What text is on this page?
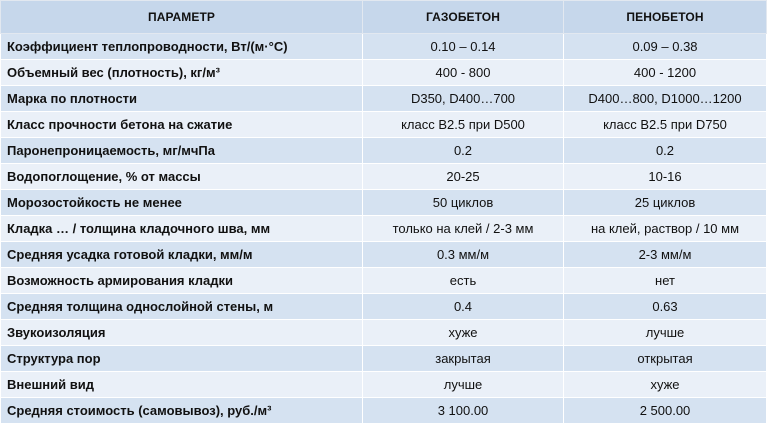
ПАРАМЕТР	ГАЗОБЕТОН	ПЕНОБЕТОН
Коэффициент теплопроводности, Вт/(м·°С)	0.10 – 0.14	0.09 – 0.38
Объемный вес (плотность), кг/м³	400 - 800	400 - 1200
Марка по плотности	D350, D400…700	D400…800, D1000…1200
Класс прочности бетона на сжатие	класс В2.5 при D500	класс В2.5 при D750
Паронепроницаемость, мг/мчПа	0.2	0.2
Водопоглощение, % от массы	20-25	10-16
Морозостойкость не менее	50 циклов	25 циклов
Кладка … / толщина кладочного шва, мм	только на клей / 2-3 мм	на клей, раствор / 10 мм
Средняя усадка готовой кладки, мм/м	0.3 мм/м	2-3 мм/м
Возможность армирования кладки	есть	нет
Средняя толщина однослойной стены, м	0.4	0.63
Звукоизоляция	хуже	лучше
Структура пор	закрытая	открытая
Внешний вид	лучше	хуже
Средняя стоимость (самовывоз), руб./м³	3 100.00	2 500.00
